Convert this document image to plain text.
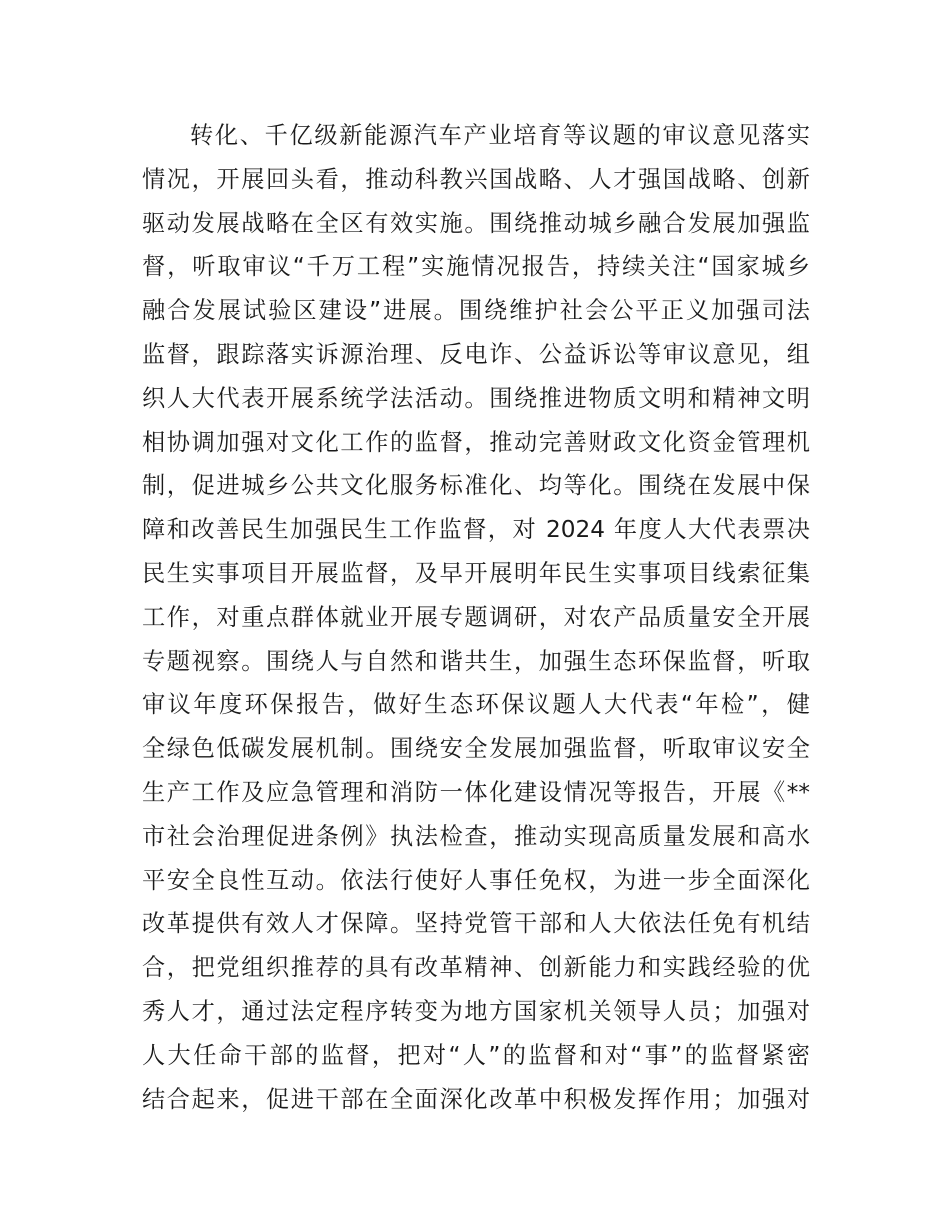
转化、千亿级新能源汽车产业培育等议题的审议意见落实
情况，开展回头看，推动科教兴国战略、人才强国战略、创新
驱动发展战略在全区有效实施。围绕推动城乡融合发展加强监
督，听取审议“千万工程”实施情况报告，持续关注“国家城乡
融合发展试验区建设”进展。围绕维护社会公平正义加强司法
监督，跟踪落实诉源治理、反电诈、公益诉讼等审议意见，组
织人大代表开展系统学法活动。围绕推进物质文明和精神文明
相协调加强对文化工作的监督，推动完善财政文化资金管理机
制，促进城乡公共文化服务标准化、均等化。围绕在发展中保
障和改善民生加强民生工作监督，对 2024 年度人大代表票决
民生实事项目开展监督，及早开展明年民生实事项目线索征集
工作，对重点群体就业开展专题调研，对农产品质量安全开展
专题视察。围绕人与自然和谐共生，加强生态环保监督，听取
审议年度环保报告，做好生态环保议题人大代表“年检”，健
全绿色低碳发展机制。围绕安全发展加强监督，听取审议安全
生产工作及应急管理和消防一体化建设情况等报告，开展《**
市社会治理促进条例》执法检查，推动实现高质量发展和高水
平安全良性互动。依法行使好人事任免权，为进一步全面深化
改革提供有效人才保障。坚持党管干部和人大依法任免有机结
合，把党组织推荐的具有改革精神、创新能力和实践经验的优
秀人才，通过法定程序转变为地方国家机关领导人员；加强对
人大任命干部的监督，把对“人”的监督和对“事”的监督紧密
结合起来，促进干部在全面深化改革中积极发挥作用；加强对
